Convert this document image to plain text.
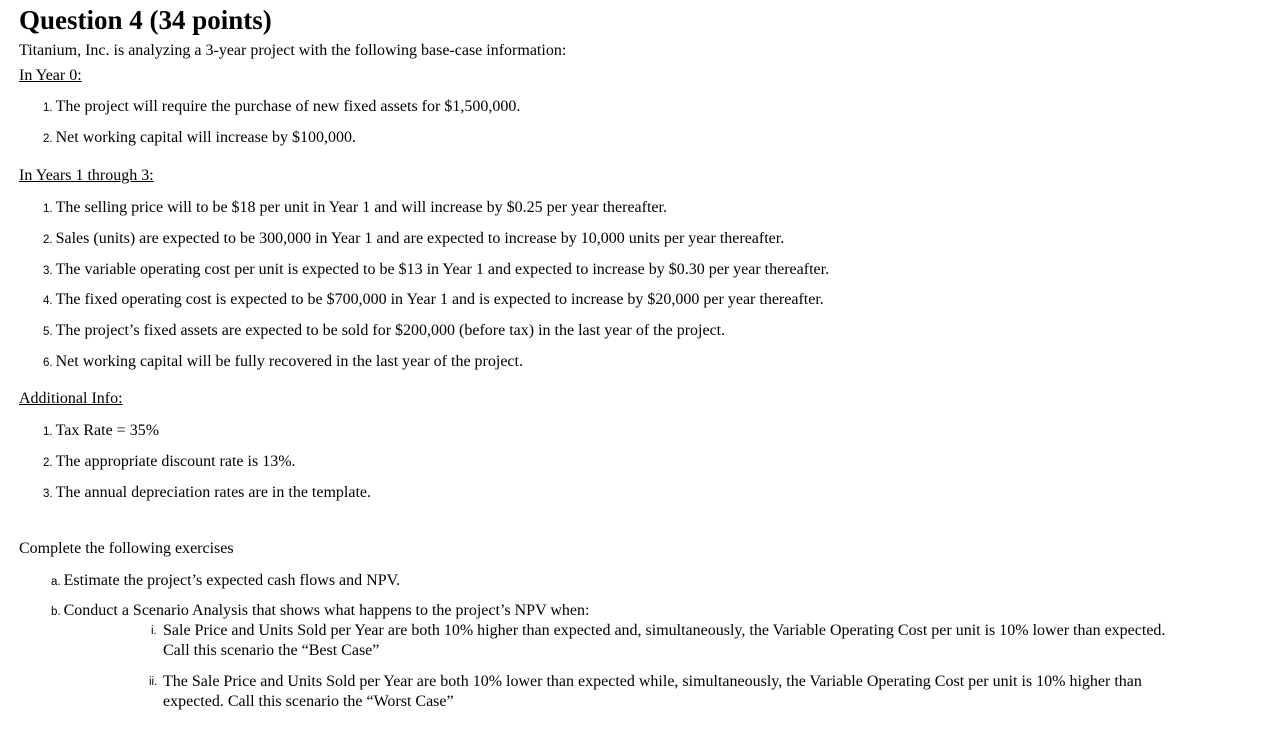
Question 4 (34 points)

Titanium, Inc. is analyzing a 3-year project with the following base-case information:

In Year 0:

1. The project will require the purchase of new fixed assets for $1,500,000.
2. Net working capital will increase by $100,000.

In Years 1 through 3:

1. The selling price will to be $18 per unit in Year 1 and will increase by $0.25 per year thereafter.
2. Sales (units) are expected to be 300,000 in Year 1 and are expected to increase by 10,000 units per year thereafter.
3. The variable operating cost per unit is expected to be $13 in Year 1 and expected to increase by $0.30 per year thereafter.
4. The fixed operating cost is expected to be $700,000 in Year 1 and is expected to increase by $20,000 per year thereafter.
5. The project’s fixed assets are expected to be sold for $200,000 (before tax) in the last year of the project.
6. Net working capital will be fully recovered in the last year of the project.

Additional Info:

1. Tax Rate = 35%
2. The appropriate discount rate is 13%.
3. The annual depreciation rates are in the template.

Complete the following exercises

a. Estimate the project’s expected cash flows and NPV.
b. Conduct a Scenario Analysis that shows what happens to the project’s NPV when:
i. Sale Price and Units Sold per Year are both 10% higher than expected and, simultaneously, the Variable Operating Cost per unit is 10% lower than expected.
Call this scenario the “Best Case”
ii. The Sale Price and Units Sold per Year are both 10% lower than expected while, simultaneously, the Variable Operating Cost per unit is 10% higher than
expected. Call this scenario the “Worst Case”
